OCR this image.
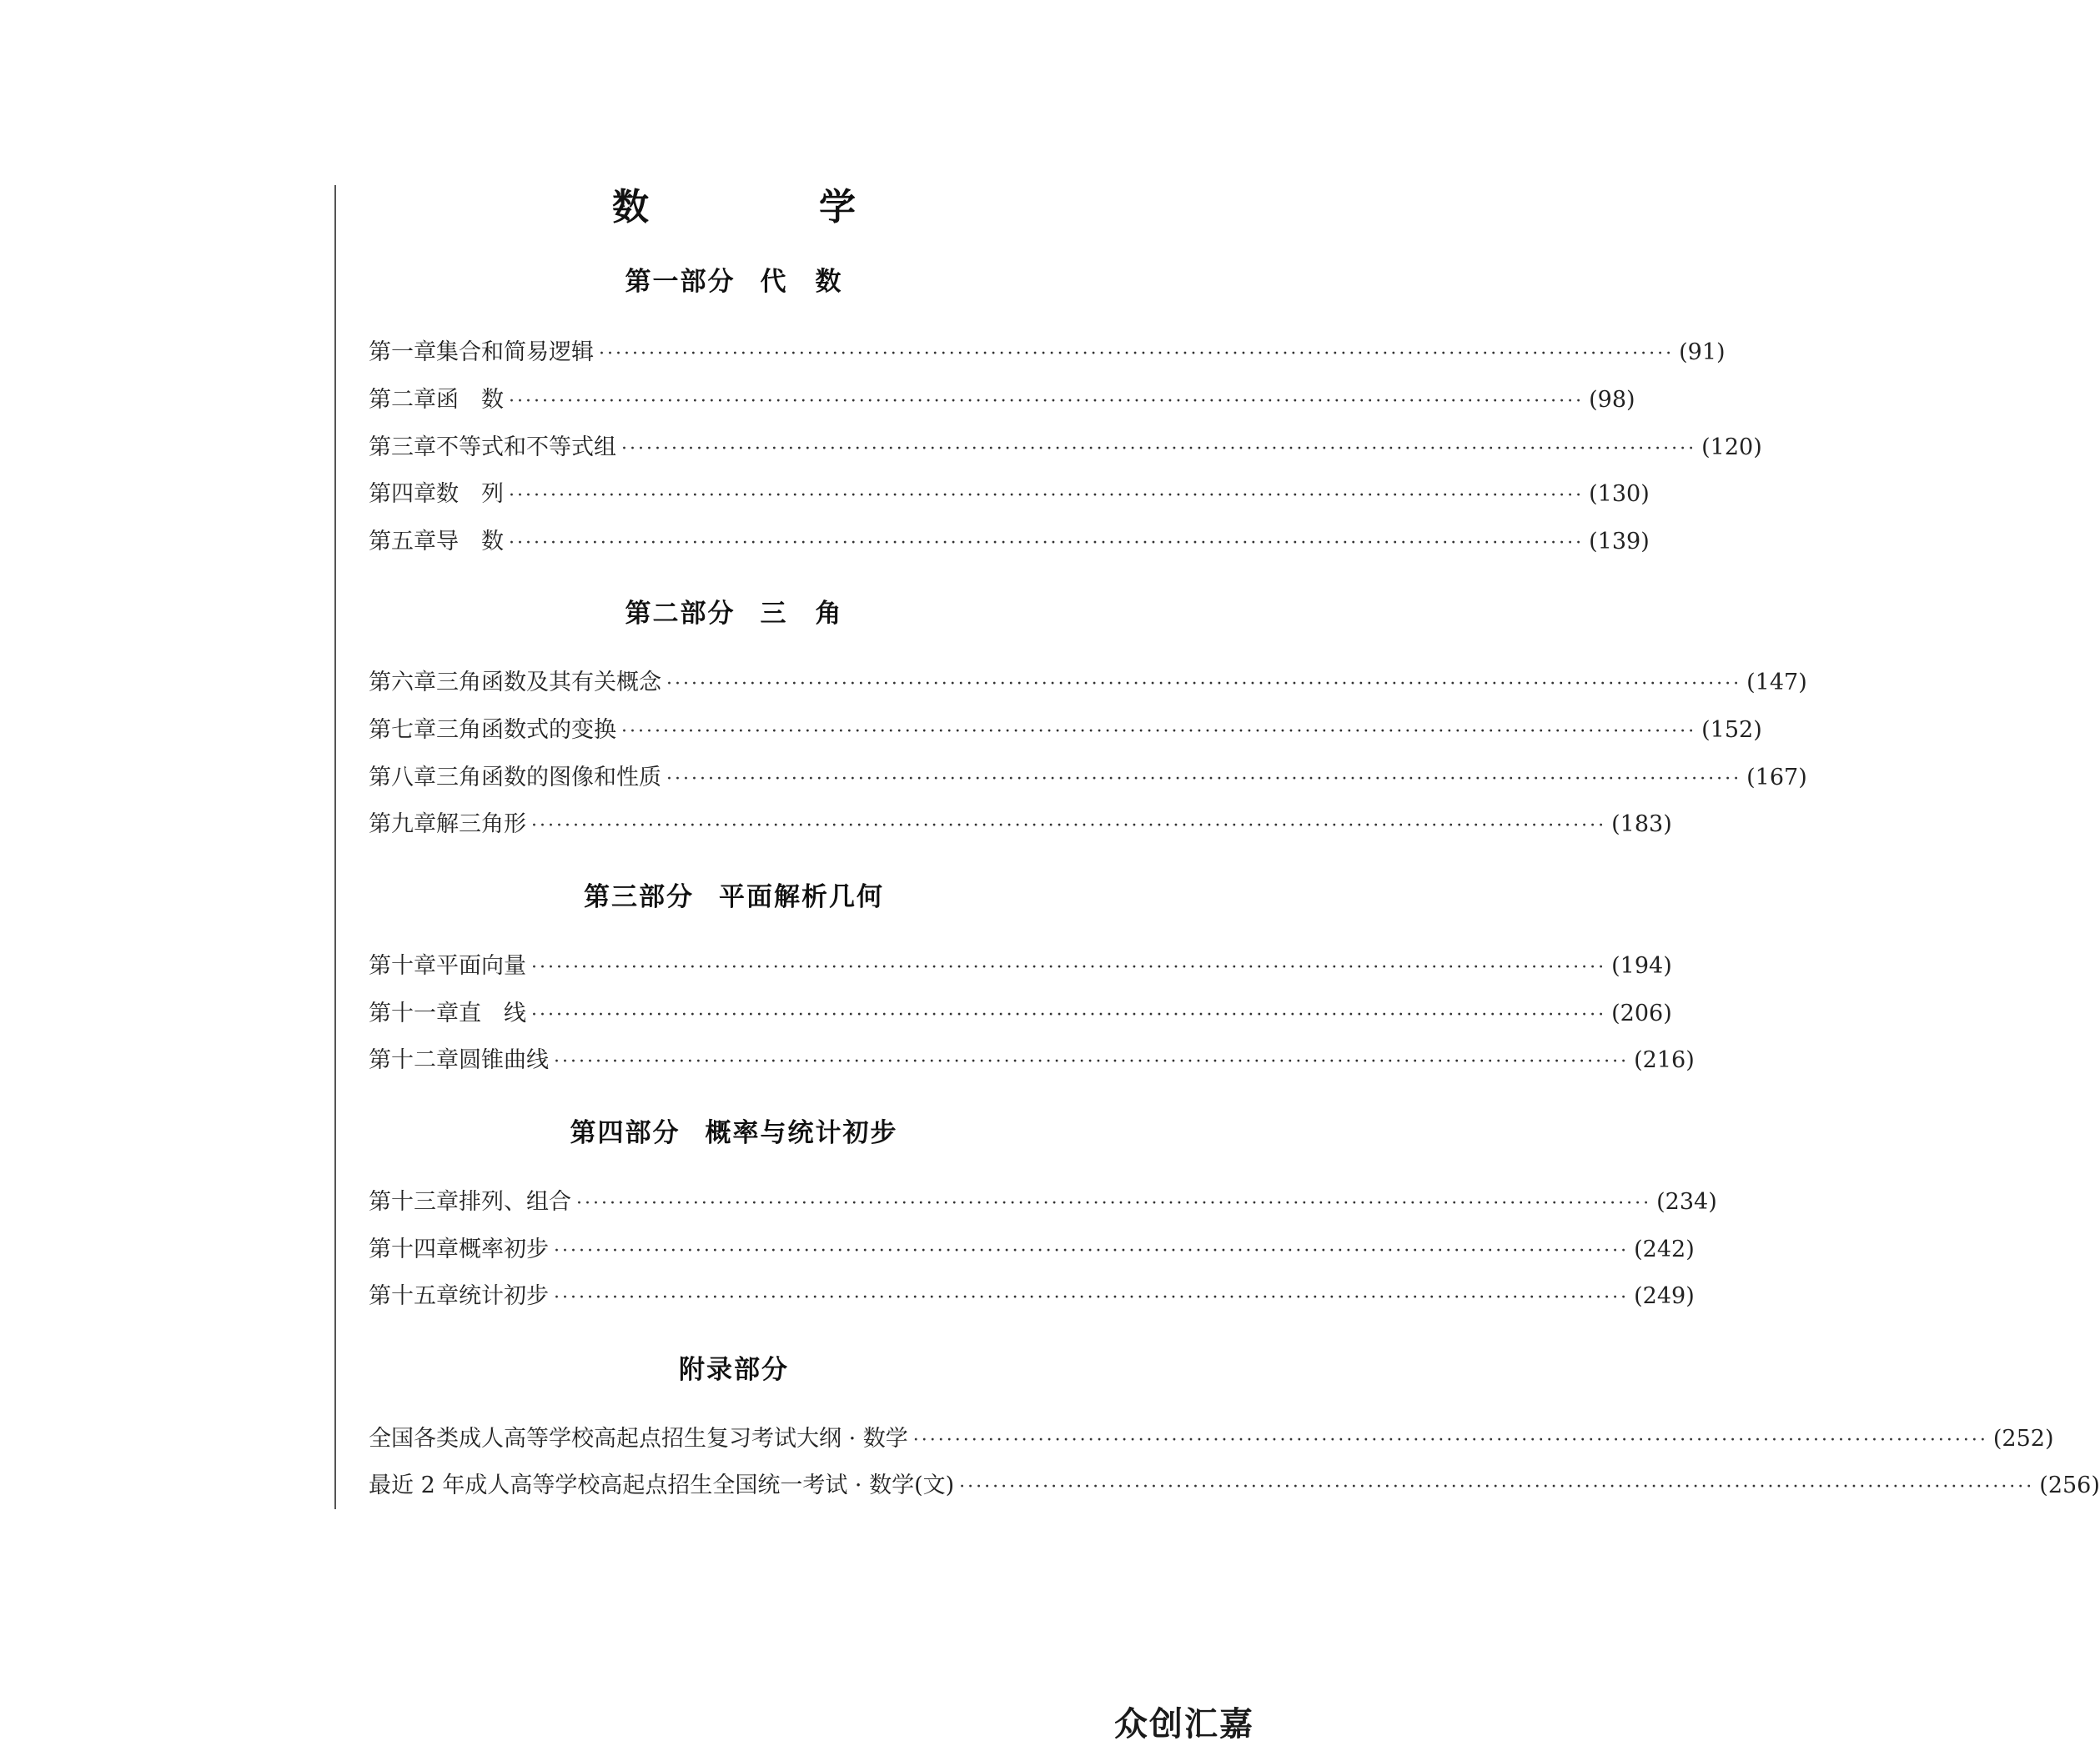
数　学
第一部分 代　数
第二部分 三　角
第三部分 平面解析几何
第四部分 概率与统计初步
附录部分
第一章 集合和简易逻辑 ································································································································· (91)
第二章 函　数 ································································································································· (98)
第三章 不等式和不等式组 ································································································································· (120)
第四章 数　列 ································································································································· (130)
第五章 导　数 ································································································································· (139)
第六章 三角函数及其有关概念 ································································································································· (147)
第七章 三角函数式的变换 ································································································································· (152)
第八章 三角函数的图像和性质 ································································································································· (167)
第九章 解三角形 ································································································································· (183)
第十章 平面向量 ································································································································· (194)
第十一章 直　线 ································································································································· (206)
第十二章 圆锥曲线 ································································································································· (216)
第十三章 排列、组合 ································································································································· (234)
第十四章 概率初步 ································································································································· (242)
第十五章 统计初步 ································································································································· (249)
全国各类成人高等学校高起点招生复习考试大纲 · 数学 ································································································································· (252)
最近 2 年成人高等学校高起点招生全国统一考试 · 数学(文) ································································································································· (256)
众创汇嘉
